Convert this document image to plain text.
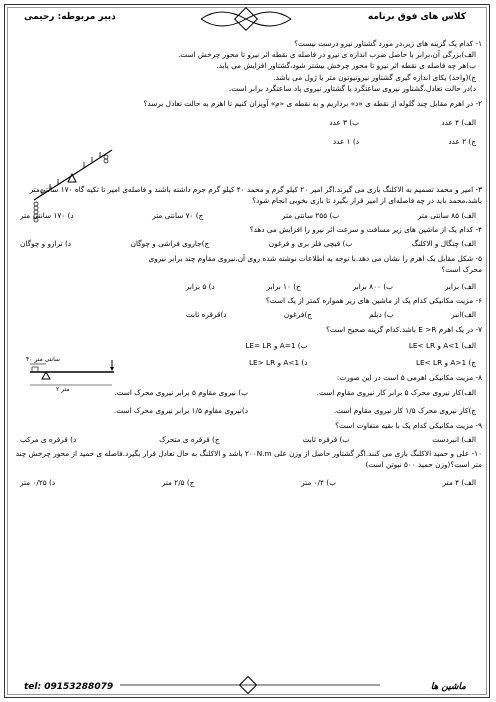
کلاس های فوق برنامه
دبیر مربوطه: رحیمی

۱- کدام یک گزینه های زیر،در مورد گشتاور نیرو درست نیست؟

الف)بزرگی آن،برابر با حاصل ضرب اندازه ی نیرو در فاصله ی نقطه اثر نیرو تا محور چرخش است.

ب)هر چه فاصله ی نقطه اثر نیرو تا محور چرخش بیشتر شود،گشتاور افزایش می یابد.

ج)(واحد) یکای اندازه گیری گشتاور نیرونیوتون متر یا ژول می باشد.

د)در حالت تعادل،گشتاور نیروی ساعتگرد با گشتاور نیروی پاد ساعتگرد برابر است.

۲- در اهرم مقابل چند گلوله از نقطه ی «د» برداریم و به نقطه ی «م» آویزان کنیم تا اهرم به حالت تعادل برسد؟

الف) ۴ عدد
ب) ۳ عدد
ج) ۲ عدد
د) ۱ عدد

۳- امیر و محمد تصمیم به الاکلنگ بازی می گیرند.اگر امیر ۲۰ کیلو گرم و محمد ۴۰ کیلو گرم جرم داشته باشند و فاصله‌ی امیر تا تکیه گاه ۱۷۰ سانتی‌متر باشد،محمد باید در چه فاصله‌ای از امیر قرار بگیرد تا بازی بخوبی انجام شود؟

الف) ۸۵ سانتی متر
ب) ۲۵۵ سانتی متر
ج) ۷۰ سانتی متر
د) ۱۷۰ سانتی متر

۴- کدام یک از ماشین های زیر مسافت و سرعت اثر نیرو را افزایش می دهد؟

الف) چنگال و الاکلنگ
ب) قیچی فلز بری و فرغون
ج)جاروی فراشی و چوگان
د) ترازو و چوگان

۵- شکل مقابل یک اهرم را نشان می دهد.با توجه به اطلاعات نوشته شده روی آن،نیروی مقاوم چند برابر نیروی محرک است؟

الف) برابر
ب) ۸۰۰ برابر
ج) ۱۰ برابر
د) ۵ برابر

۶- مزیت مکانیکی کدام یک از ماشین های زیر همواره کمتر از یک است؟

الف)انبر
ب) دیلم
ج)فرغون
د)قرقره ثابت

۷- در یک اهرم E >R باشد.کدام گزینه صحیح است؟

الف) A<1 و LE< LR
ب) A=1 و LE= LR
ج) A>1 و LE< LR
د) A<1 و LE> LR

۸- مزیت مکانیکی اهرمی ۵ است در این صورت:

الف)کار نیروی محرک ۵ برابر کار نیروی مقاوم است.
ب) نیروی مقاوم ۵ برابر نیروی محرک است.
ج)کار نیروی محرک ۱/۵ کار نیروی مقاوم است.
د)نیروی مقاوم ۱/۵ برابر نیروی محرک است.

۹- مزیت مکانیکی کدام یک با بقیه متفاوت است؟

الف) انبردست
ب) قرقره ثابت
ج) قرقره ی متحرک
د) قرقره ی مرکب

۱۰- علی و حمید الاکلنگ بازی می کنند.اگر گشتاور حاصل از وزن علی ۲۰۰N.m باشد و الاکلنگ به حال تعادل قرار بگیرد.فاصله ی حمید از محور چرخش چند متر است؟(وزن حمید ۵۰۰ نیوتن است)

الف) ۴ متر
ب) ۰/۴ متر
ج) ۲/۵ متر
د) ۰/۲۵ متر
۴۰ سانتی متر
۲ متر
ماشین ها
tel: 09153288079
